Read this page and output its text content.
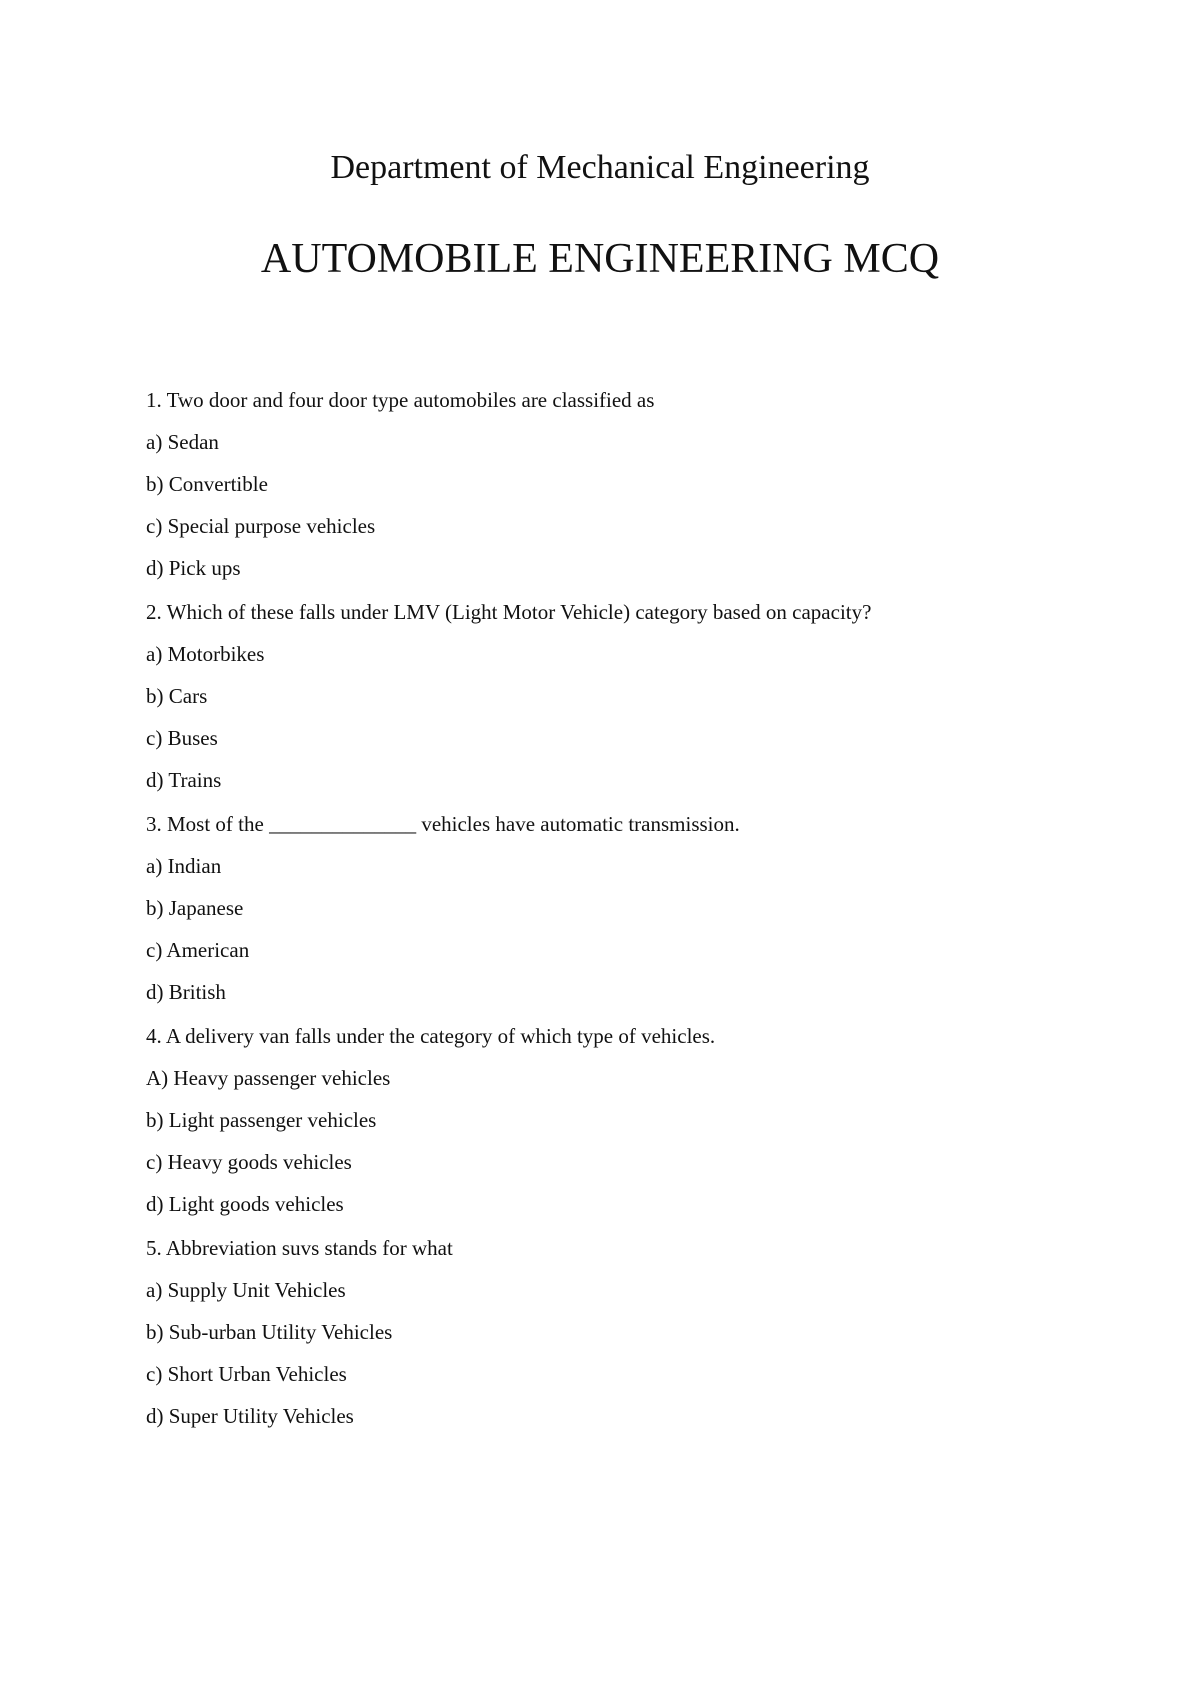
Department of Mechanical Engineering
AUTOMOBILE ENGINEERING MCQ
1. Two door and four door type automobiles are classified as
a) Sedan
b) Convertible
c) Special purpose vehicles
d) Pick ups
2. Which of these falls under LMV (Light Motor Vehicle) category based on capacity?
a) Motorbikes
b) Cars
c) Buses
d) Trains
3. Most of the ______________ vehicles have automatic transmission.
a) Indian
b) Japanese
c) American
d) British
4. A delivery van falls under the category of which type of vehicles.
A) Heavy passenger vehicles
b) Light passenger vehicles
c) Heavy goods vehicles
d) Light goods vehicles
5. Abbreviation suvs stands for what
a) Supply Unit Vehicles
b) Sub-urban Utility Vehicles
c) Short Urban Vehicles
d) Super Utility Vehicles
